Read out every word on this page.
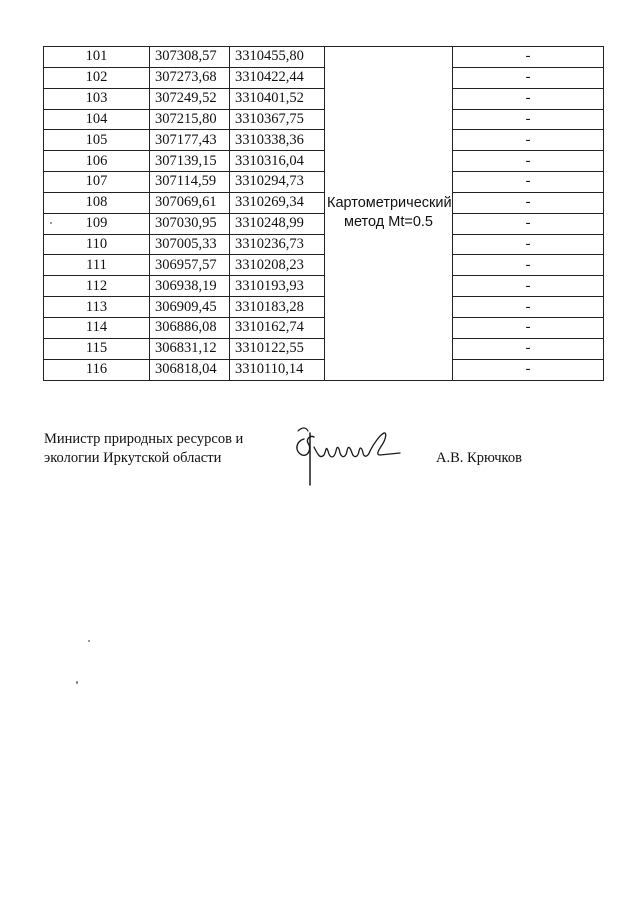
101	307308,57	3310455,80	Картометрический метод Mt=0.5	-
102	307273,68	3310422,44		-
103	307249,52	3310401,52		-
104	307215,80	3310367,75		-
105	307177,43	3310338,36		-
106	307139,15	3310316,04		-
107	307114,59	3310294,73		-
108	307069,61	3310269,34		-
109	307030,95	3310248,99		-
110	307005,33	3310236,73		-
111	306957,57	3310208,23		-
112	306938,19	3310193,93		-
113	306909,45	3310183,28		-
114	306886,08	3310162,74		-
115	306831,12	3310122,55		-
116	306818,04	3310110,14		-
Министр природных ресурсов и
экологии Иркутской области	А.В. Крючков
